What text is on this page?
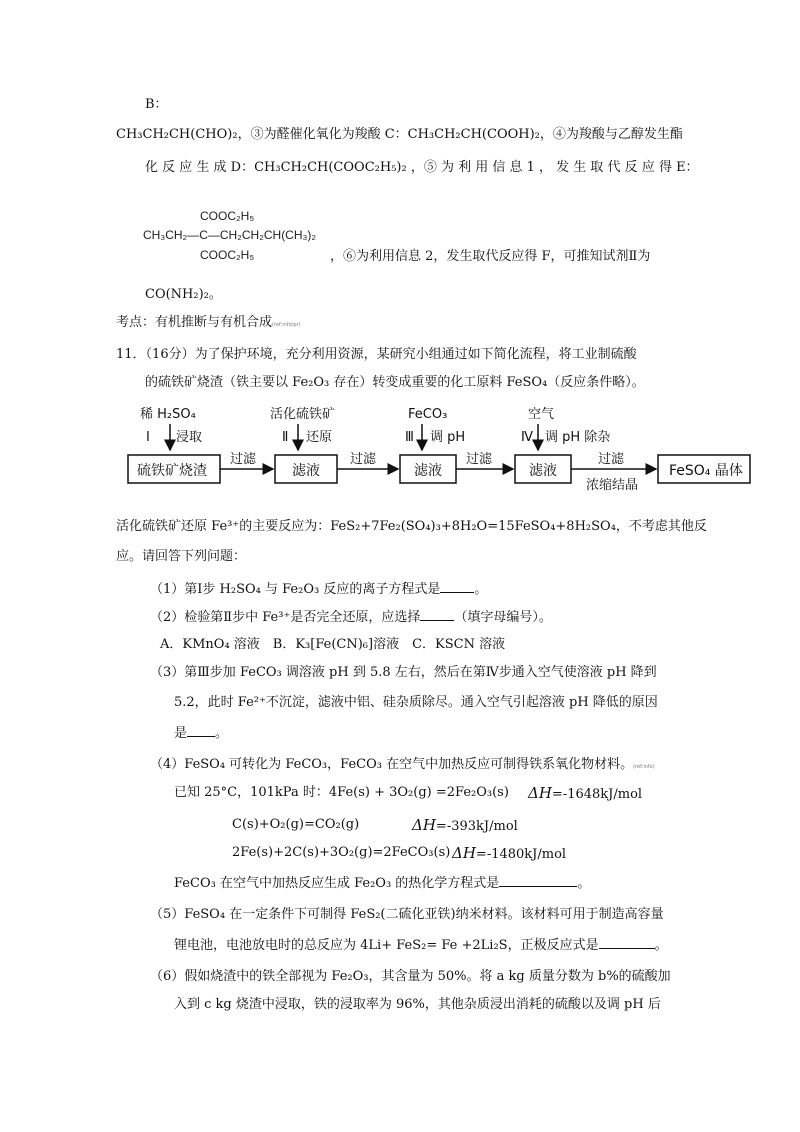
B：
CH₃CH₂CH(CHO)₂，③为醛催化氧化为羧酸 C：CH₃CH₂CH(COOH)₂，④为羧酸与乙醇发生酯
化 反 应 生 成 D：CH₃CH₂CH(COOC₂H₅)₂ ，⑤ 为 利 用 信 息 1 ， 发 生 取 代 反 应 得 E：
COOC₂H₅
CH₃CH₂—C—CH₂CH₂CH(CH₃)₂
COOC₂H₅	，⑥为利用信息 2，发生取代反应得 F，可推知试剂Ⅱ为
CO(NH₂)₂。
考点：有机推断与有机合成(ref:info/pr)
11．（16分）为了保护环境，充分利用资源，某研究小组通过如下简化流程，将工业制硫酸
的硫铁矿烧渣（铁主要以 Fe₂O₃ 存在）转变成重要的化工原料 FeSO₄（反应条件略）。
稀 H₂SO₄	活化硫铁矿	FeCO₃	空气
Ⅰ 浸取	Ⅱ 还原	Ⅲ 调 pH	Ⅳ 调 pH 除杂
硫铁矿烧渣	滤液	滤液	滤液	FeSO₄ 晶体
过滤	过滤	过滤	过滤
浓缩结晶
活化硫铁矿还原 Fe³⁺的主要反应为：FeS₂+7Fe₂(SO₄)₃+8H₂O=15FeSO₄+8H₂SO₄，不考虑其他反
应。请回答下列问题：
（1）第Ⅰ步 H₂SO₄ 与 Fe₂O₃ 反应的离子方程式是	。
（2）检验第Ⅱ步中 Fe³⁺是否完全还原，应选择	（填字母编号）。
A．KMnO₄ 溶液　B．K₃[Fe(CN)₆]溶液　C．KSCN 溶液
（3）第Ⅲ步加 FeCO₃ 调溶液 pH 到 5.8 左右，然后在第Ⅳ步通入空气使溶液 pH 降到
5.2，此时 Fe²⁺不沉淀，滤液中铝、硅杂质除尽。通入空气引起溶液 pH 降低的原因
是 。
（4）FeSO₄ 可转化为 FeCO₃，FeCO₃ 在空气中加热反应可制得铁系氧化物材料。(ref:info)
已知 25°C，101kPa 时：4Fe(s) + 3O₂(g) =2Fe₂O₃(s) ΔH=-1648kJ/mol
C(s)+O₂(g)=CO₂(g)	ΔH=-393kJ/mol
2Fe(s)+2C(s)+3O₂(g)=2FeCO₃(s) ΔH=-1480kJ/mol
FeCO₃ 在空气中加热反应生成 Fe₂O₃ 的热化学方程式是	。
（5）FeSO₄ 在一定条件下可制得 FeS₂(二硫化亚铁)纳米材料。该材料可用于制造高容量
锂电池，电池放电时的总反应为 4Li+ FeS₂= Fe +2Li₂S，正极反应式是	。
（6）假如烧渣中的铁全部视为 Fe₂O₃，其含量为 50%。将 a kg 质量分数为 b%的硫酸加
入到 c kg 烧渣中浸取，铁的浸取率为 96%，其他杂质浸出消耗的硫酸以及调 pH 后
